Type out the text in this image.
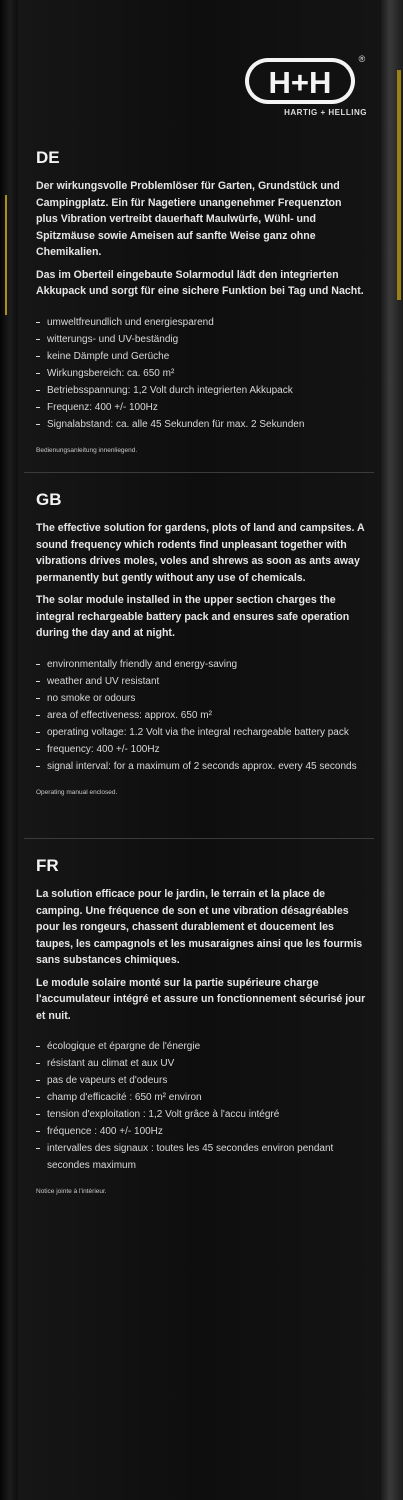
H+H
®
HARTIG + HELLING
DE

Der wirkungsvolle Problemlöser für Garten, Grundstück und Campingplatz. Ein für Nagetiere unangenehmer Frequenzton plus Vibration vertreibt dauerhaft Maulwürfe, Wühl- und Spitzmäuse sowie Ameisen auf sanfte Weise ganz ohne Chemikalien.

Das im Oberteil eingebaute Solarmodul lädt den integrierten Akkupack und sorgt für eine sichere Funktion bei Tag und Nacht.

umweltfreundlich und energiesparend
witterungs- und UV-beständig
keine Dämpfe und Gerüche
Wirkungsbereich: ca. 650 m²
Betriebsspannung: 1,2 Volt durch integrierten Akkupack
Frequenz: 400 +/- 100Hz
Signalabstand: ca. alle 45 Sekunden für max. 2 Sekunden
Bedienungsanleitung innenliegend.
GB

The effective solution for gardens, plots of land and campsites. A sound frequency which rodents find unpleasant together with vibrations drives moles, voles and shrews as soon as ants away permanently but gently without any use of chemicals.

The solar module installed in the upper section charges the integral rechargeable battery pack and ensures safe operation during the day and at night.

environmentally friendly and energy-saving
weather and UV resistant
no smoke or odours
area of effectiveness: approx. 650 m²
operating voltage: 1.2 Volt via the integral rechargeable battery pack
frequency: 400 +/- 100Hz
signal interval: for a maximum of 2 seconds approx. every 45 seconds
Operating manual enclosed.
FR

La solution efficace pour le jardin, le terrain et la place de camping. Une fréquence de son et une vibration désagréables pour les rongeurs, chassent durablement et doucement les taupes, les campagnols et les musaraignes ainsi que les fourmis sans substances chimiques.

Le module solaire monté sur la partie supérieure charge l'accumulateur intégré et assure un fonctionnement sécurisé jour et nuit.

écologique et épargne de l'énergie
résistant au climat et aux UV
pas de vapeurs et d'odeurs
champ d'efficacité : 650 m² environ
tension d'exploitation : 1,2 Volt grâce à l'accu intégré
fréquence : 400 +/- 100Hz
intervalles des signaux : toutes les 45 secondes environ pendant secondes maximum
Notice jointe à l'intérieur.
